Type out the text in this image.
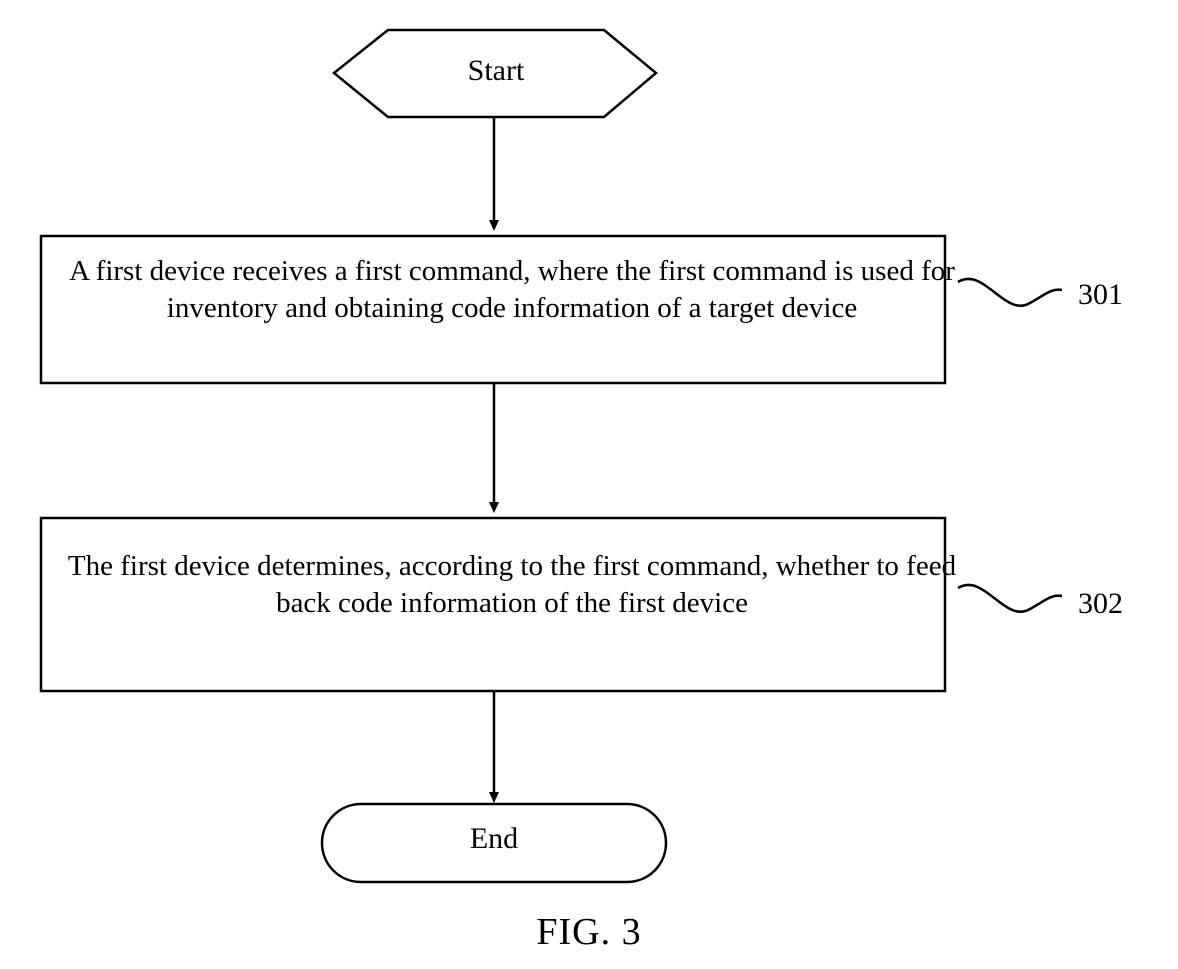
Start
A first device receives a first command, where the first command is used for inventory and obtaining code information of a target device	301
The first device determines, according to the first command, whether to feed back code information of the first device	302
End
FIG. 3
